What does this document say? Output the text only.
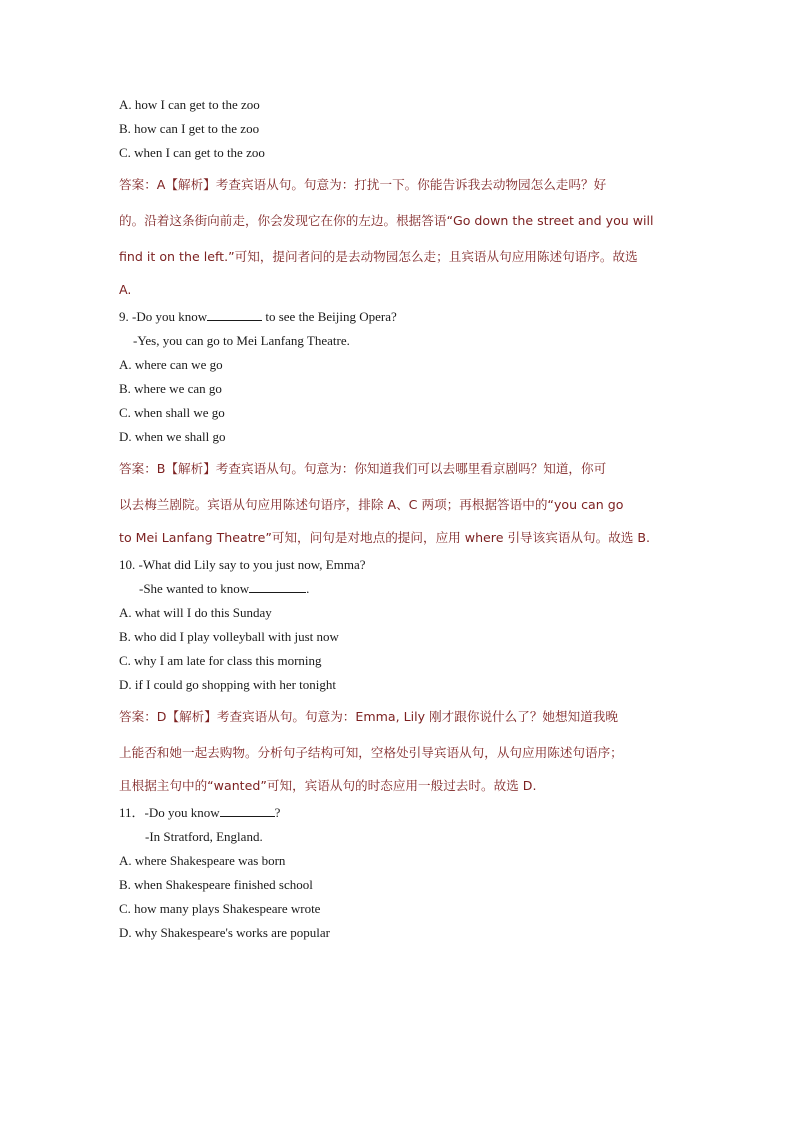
A. how I can get to the zoo
B. how can I get to the zoo
C. when I can get to the zoo
答案：A【解析】考查宾语从句。句意为：打扰一下。你能告诉我去动物园怎么走吗？好
的。沿着这条街向前走，你会发现它在你的左边。根据答语“Go down the street and you will
find it on the left.”可知，提问者问的是去动物园怎么走；且宾语从句应用陈述句语序。故选
A.
9. -Do you know	to see the Beijing Opera?
-Yes, you can go to Mei Lanfang Theatre.
A. where can we go
B. where we can go
C. when shall we go
D. when we shall go
答案：B【解析】考查宾语从句。句意为：你知道我们可以去哪里看京剧吗？知道，你可
以去梅兰剧院。宾语从句应用陈述句语序，排除 A、C 两项；再根据答语中的“you can go
to Mei Lanfang Theatre”可知，问句是对地点的提问，应用 where 引导该宾语从句。故选 B.
10. -What did Lily say to you just now, Emma?
-She wanted to know	.
A. what will I do this Sunday
B. who did I play volleyball with just now
C. why I am late for class this morning
D. if I could go shopping with her tonight
答案：D【解析】考查宾语从句。句意为：Emma, Lily 刚才跟你说什么了？她想知道我晚
上能否和她一起去购物。分析句子结构可知，空格处引导宾语从句，从句应用陈述句语序；
且根据主句中的“wanted”可知，宾语从句的时态应用一般过去时。故选 D.
11．-Do you know	?
-In Stratford, England.
A. where Shakespeare was born
B. when Shakespeare finished school
C. how many plays Shakespeare wrote
D. why Shakespeare's works are popular
